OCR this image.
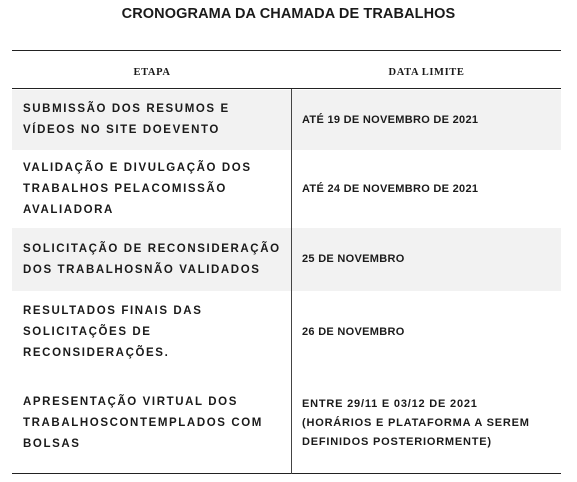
CRONOGRAMA DA CHAMADA DE TRABALHOS
ETAPA	DATA LIMITE
SUBMISSÃO DOS RESUMOS E
VÍDEOS NO SITE DOEVENTO
ATÉ 19 DE NOVEMBRO DE 2021
VALIDAÇÃO E DIVULGAÇÃO DOS
TRABALHOS PELACOMISSÃO
AVALIADORA
ATÉ 24 DE NOVEMBRO DE 2021
SOLICITAÇÃO DE RECONSIDERAÇÃO
DOS TRABALHOSNÃO VALIDADOS
25 DE NOVEMBRO
RESULTADOS FINAIS DAS
SOLICITAÇÕES DE
RECONSIDERAÇÕES.
26 DE NOVEMBRO
APRESENTAÇÃO VIRTUAL DOS
TRABALHOSCONTEMPLADOS COM
BOLSAS
ENTRE 29/11 E 03/12 DE 2021
(HORÁRIOS E PLATAFORMA A SEREM
DEFINIDOS POSTERIORMENTE)
